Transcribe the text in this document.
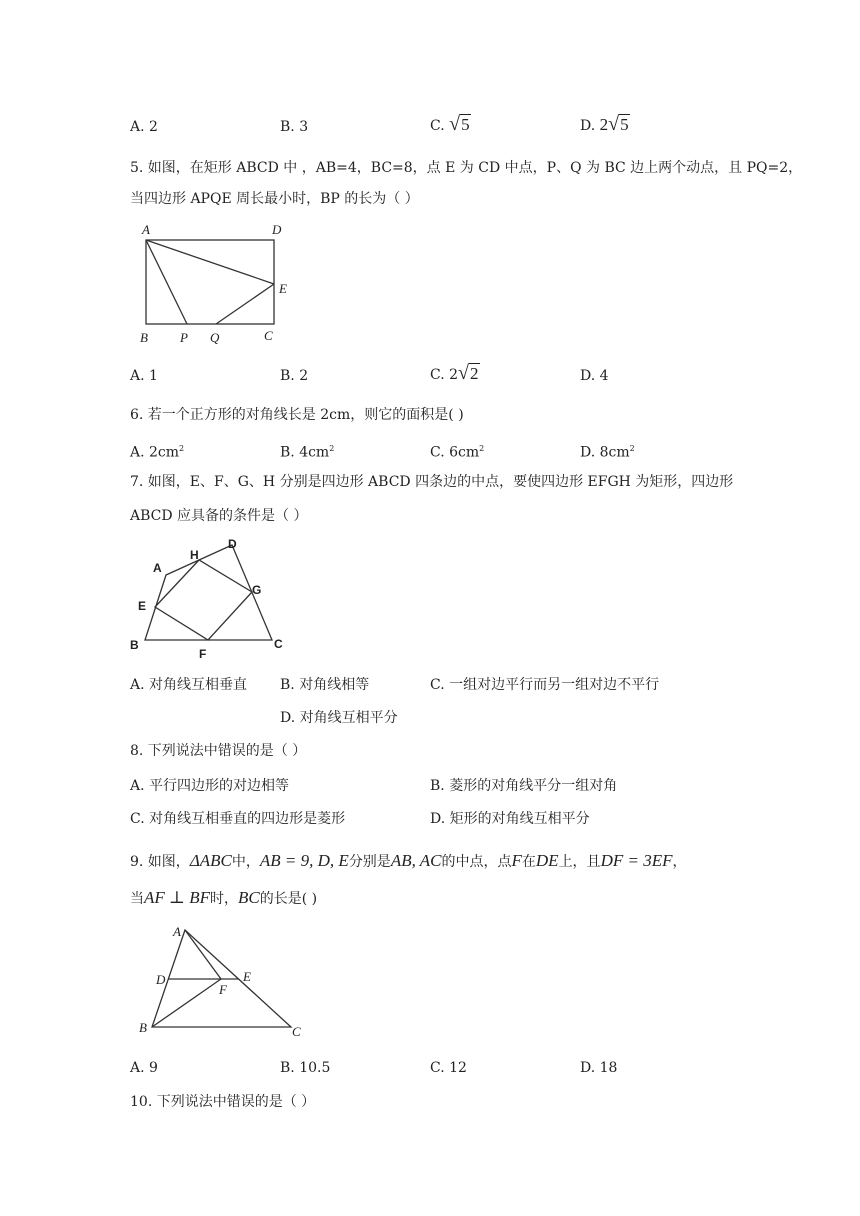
A. 2	B. 3	C. √5	D. 2√5
5. 如图，在矩形 ABCD 中 ，AB=4，BC=8，点 E 为 CD 中点，P、Q 为 BC 边上两个动点，且 PQ=2，
当四边形 APQE 周长最小时，BP 的长为（ ）
A	D
E
B P Q	C
A. 1	B. 2	C. 2√2	D. 4
6. 若一个正方形的对角线长是 2cm，则它的面积是( )
A. $2cm^2$	B. $4cm^2$	C. $6cm^2$	D. $8cm^2$
7. 如图，E、F、G、H 分别是四边形 ABCD 四条边的中点，要使四边形 EFGH 为矩形，四边形
ABCD 应具备的条件是（ ）
A
D
H
G
E
B
F
C
A. 对角线互相垂直 B. 对角线相等	C. 一组对边平行而另一组对边不平行
D. 对角线互相平分
8. 下列说法中错误的是（ ）
A. 平行四边形的对边相等	B. 菱形的对角线平分一组对角
C. 对角线互相垂直的四边形是菱形	D. 矩形的对角线互相平分
9. 如图，ΔABC中，AB = 9, D, E分别是AB, AC的中点，点F在DE上，且DF = 3EF，
当AF ⊥ BF时，BC的长是( )
A
D	E
F
B	C
A. 9	B. 10.5	C. 12	D. 18
10. 下列说法中错误的是（ ）
